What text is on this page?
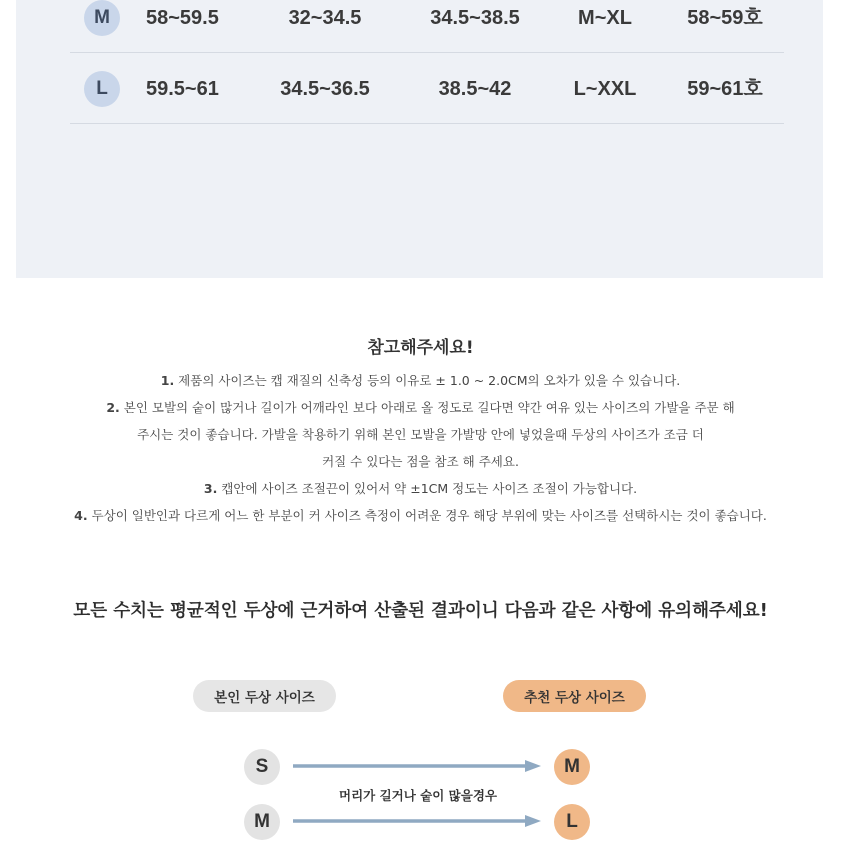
M	58~59.5	32~34.5	34.5~38.5	M~XL	58~59호
L	59.5~61	34.5~36.5	38.5~42	L~XXL	59~61호
참고해주세요!
1. 제품의 사이즈는 캡 재질의 신축성 등의 이유로 ± 1.0 ~ 2.0CM의 오차가 있을 수 있습니다.
2. 본인 모발의 숱이 많거나 길이가 어깨라인 보다 아래로 올 정도로 길다면 약간 여유 있는 사이즈의 가발을 주문 해
주시는 것이 좋습니다. 가발을 착용하기 위해 본인 모발을 가발망 안에 넣었을때 두상의 사이즈가 조금 더
커질 수 있다는 점을 참조 해 주세요.
3. 캡안에 사이즈 조절끈이 있어서 약 ±1CM 정도는 사이즈 조절이 가능합니다.
4. 두상이 일반인과 다르게 어느 한 부분이 커 사이즈 측정이 어려운 경우 해당 부위에 맞는 사이즈를 선택하시는 것이 좋습니다.
모든 수치는 평균적인 두상에 근거하여 산출된 결과이니 다음과 같은 사항에 유의해주세요!
본인 두상 사이즈	추천 두상 사이즈
S	M
머리가 길거나 숱이 많을경우
M	L
